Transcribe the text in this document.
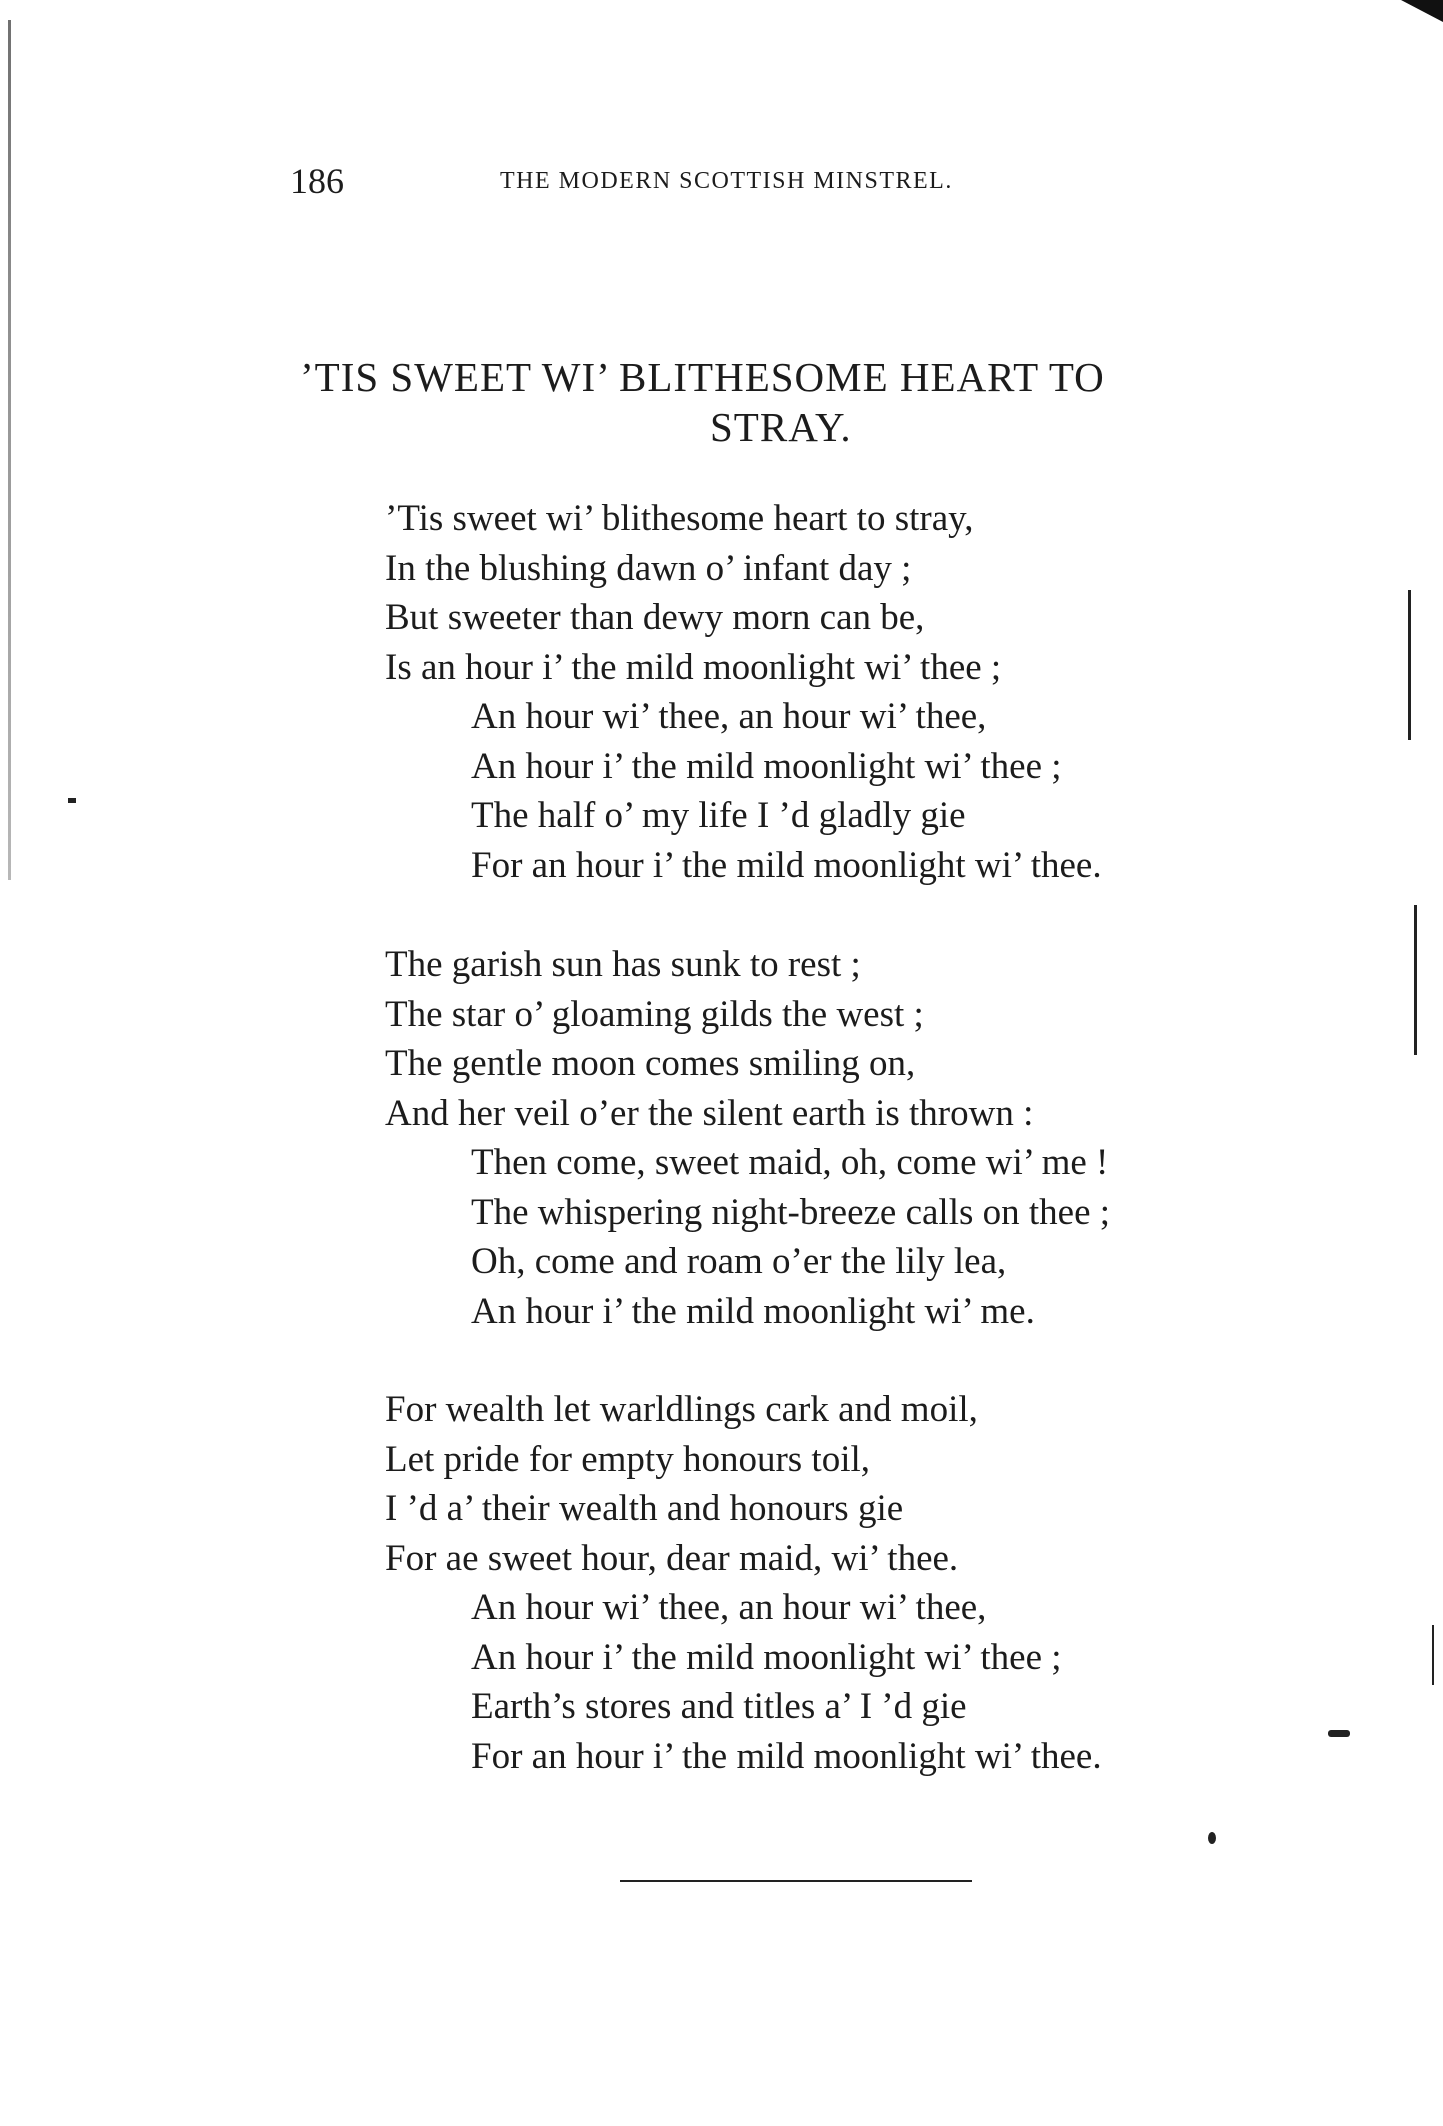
186	THE MODERN SCOTTISH MINSTREL.
’TIS SWEET WI’ BLITHESOME HEART TO
STRAY.
’Tis sweet wi’ blithesome heart to stray,
In the blushing dawn o’ infant day ;
But sweeter than dewy morn can be,
Is an hour i’ the mild moonlight wi’ thee ;
An hour wi’ thee, an hour wi’ thee,
An hour i’ the mild moonlight wi’ thee ;
The half o’ my life I ’d gladly gie
For an hour i’ the mild moonlight wi’ thee.
The garish sun has sunk to rest ;
The star o’ gloaming gilds the west ;
The gentle moon comes smiling on,
And her veil o’er the silent earth is thrown :
Then come, sweet maid, oh, come wi’ me !
The whispering night-breeze calls on thee ;
Oh, come and roam o’er the lily lea,
An hour i’ the mild moonlight wi’ me.
For wealth let warldlings cark and moil,
Let pride for empty honours toil,
I ’d a’ their wealth and honours gie
For ae sweet hour, dear maid, wi’ thee.
An hour wi’ thee, an hour wi’ thee,
An hour i’ the mild moonlight wi’ thee ;
Earth’s stores and titles a’ I ’d gie
For an hour i’ the mild moonlight wi’ thee.
